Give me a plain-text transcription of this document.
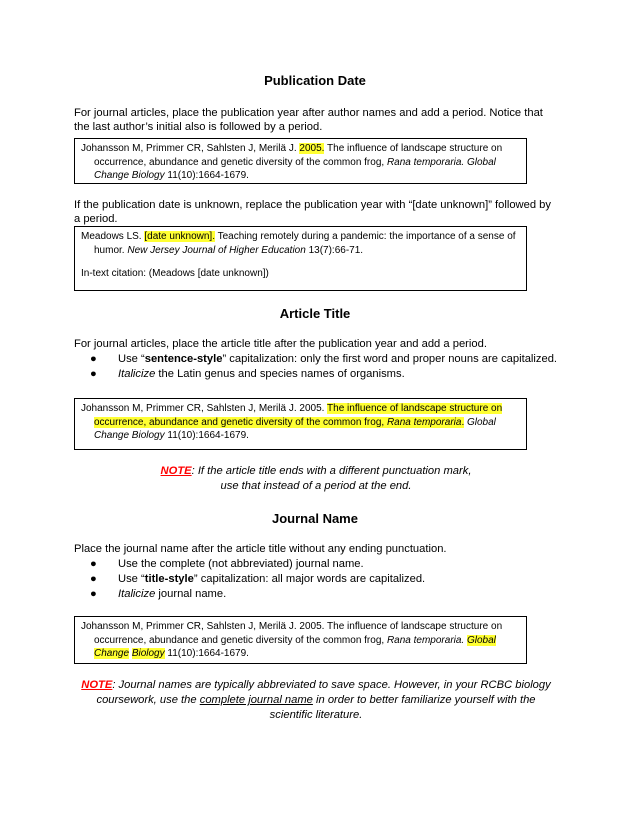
Publication Date
For journal articles, place the publication year after author names and add a period. Notice that the last author’s initial also is followed by a period.
Johansson M, Primmer CR, Sahlsten J, Merilä J. 2005. The influence of landscape structure on occurrence, abundance and genetic diversity of the common frog, Rana temporaria. Global Change Biology 11(10):1664-1679.
If the publication date is unknown, replace the publication year with “[date unknown]” followed by a period.
Meadows LS. [date unknown]. Teaching remotely during a pandemic: the importance of a sense of humor. New Jersey Journal of Higher Education 13(7):66-71.
In-text citation: (Meadows [date unknown])
Article Title
For journal articles, place the article title after the publication year and add a period.
● Use “sentence-style” capitalization: only the first word and proper nouns are capitalized.
● Italicize the Latin genus and species names of organisms.
Johansson M, Primmer CR, Sahlsten J, Merilä J. 2005. The influence of landscape structure on occurrence, abundance and genetic diversity of the common frog, Rana temporaria. Global Change Biology 11(10):1664-1679.
NOTE: If the article title ends with a different punctuation mark,
use that instead of a period at the end.
Journal Name
Place the journal name after the article title without any ending punctuation.
● Use the complete (not abbreviated) journal name.
● Use “title-style” capitalization: all major words are capitalized.
● Italicize journal name.
Johansson M, Primmer CR, Sahlsten J, Merilä J. 2005. The influence of landscape structure on occurrence, abundance and genetic diversity of the common frog, Rana temporaria. Global Change Biology 11(10):1664-1679.
NOTE: Journal names are typically abbreviated to save space. However, in your RCBC biology coursework, use the complete journal name in order to better familiarize yourself with the scientific literature.
